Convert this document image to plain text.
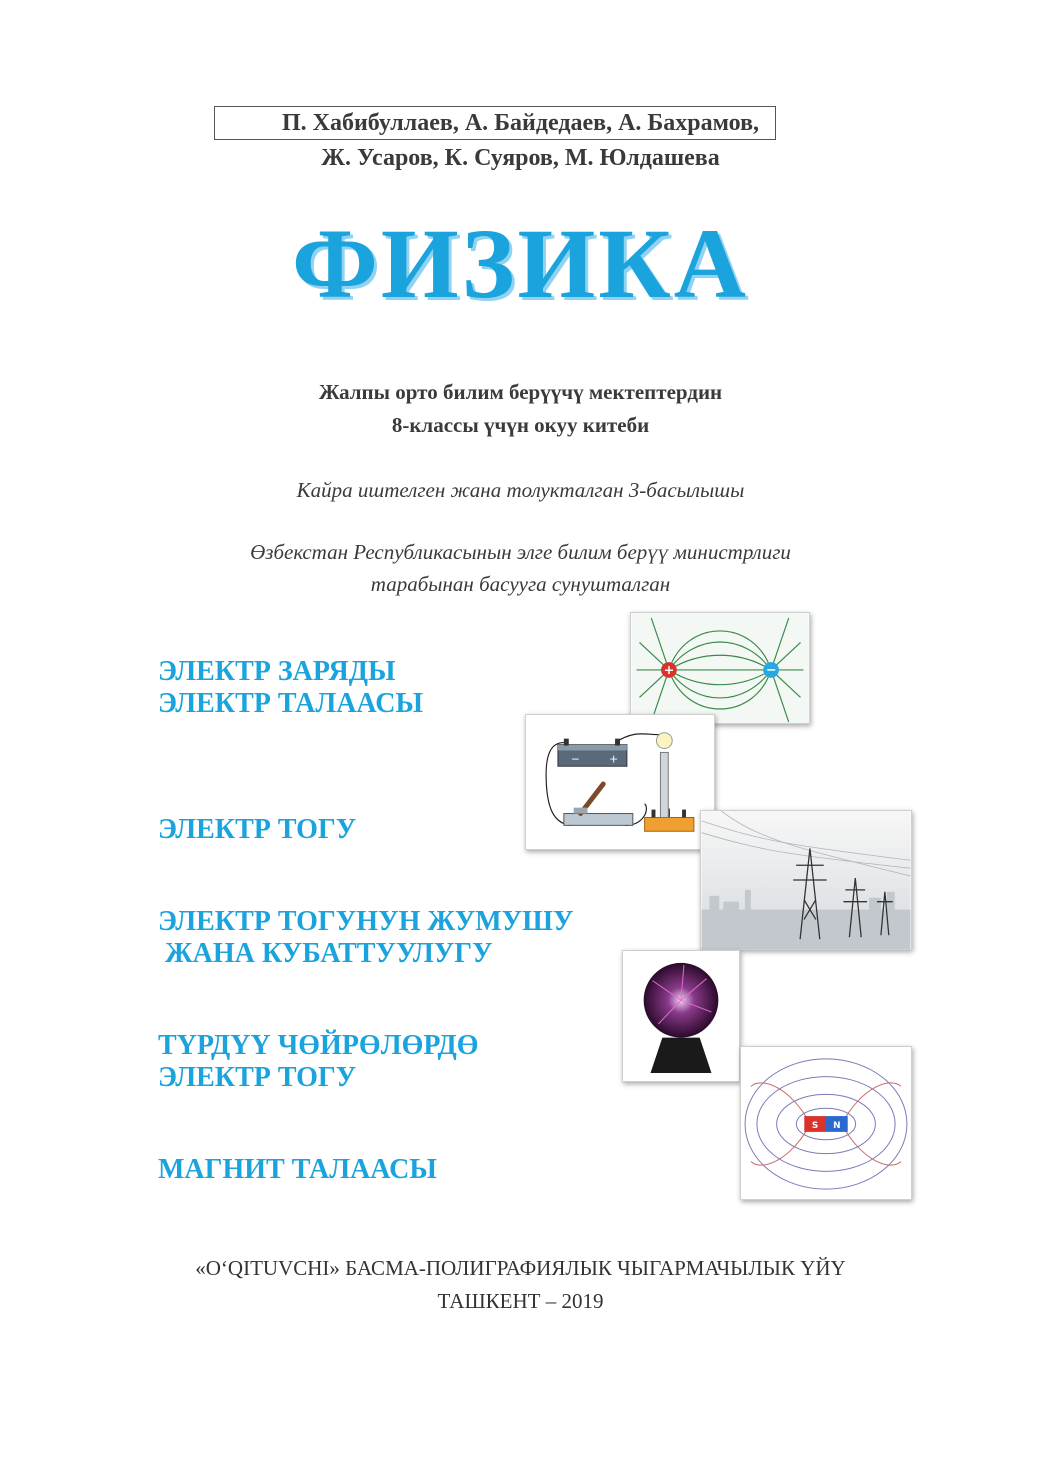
П. Хабибуллаев, А. Байдедаев, А. Бахрамов,
Ж. Усаров, К. Суяров, М. Юлдашева
ФИЗИКА
Жалпы орто билим берүүчү мектептердин
8-классы үчүн окуу китеби
Кайра иштелген жана толукталган 3-басылышы
Өзбекстан Республикасынын элге билим берүү министрлиги
тарабынан басууга сунушталган
ЭЛЕКТР ЗАРЯДЫ
ЭЛЕКТР ТАЛААСЫ
ЭЛЕКТР ТОГУ
ЭЛЕКТР ТОГУНУН ЖУМУШУ
ЖАНА КУБАТТУУЛУГУ
ТҮРДҮҮ ЧӨЙРӨЛӨРДӨ
ЭЛЕКТР ТОГУ
МАГНИТ ТАЛААСЫ
+	−
−	+
S N
«O‘QITUVCHI» БАСМА-ПОЛИГРАФИЯЛЫК ЧЫГАРМАЧЫЛЫК ҮЙҮ
ТАШКЕНТ – 2019
